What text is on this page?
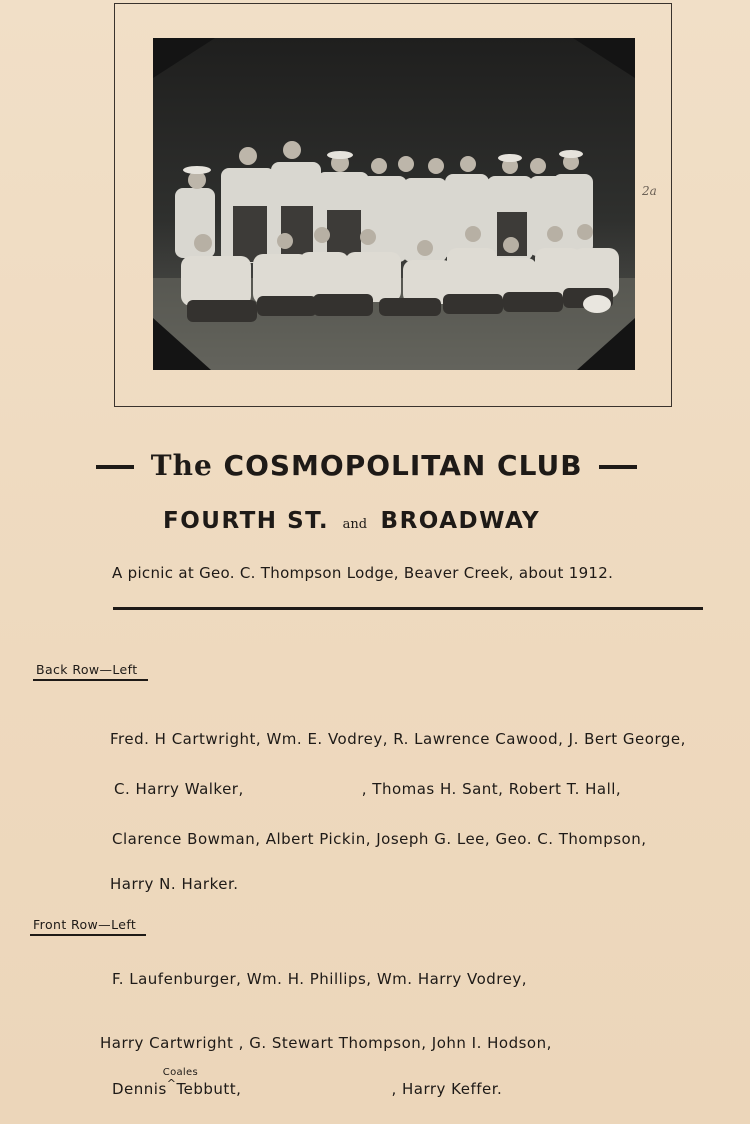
2a
The COSMOPOLITAN CLUB
FOURTH ST. and BROADWAY
A picnic at Geo. C. Thompson Lodge, Beaver Creek, about 1912.
Back Row—Left
Fred. H Cartwright, Wm. E. Vodrey, R. Lawrence Cawood, J. Bert George,
C. Harry Walker,	, Thomas H. Sant, Robert T. Hall,
Clarence Bowman, Albert Pickin, Joseph G. Lee, Geo. C. Thompson,
Harry N. Harker.
Front Row—Left
F. Laufenburger, Wm. H. Phillips, Wm. Harry Vodrey,
Harry Cartwright , G. Stewart Thompson, John I. Hodson,
Dennis^
Coales
Tebbutt,	, Harry Keffer.
